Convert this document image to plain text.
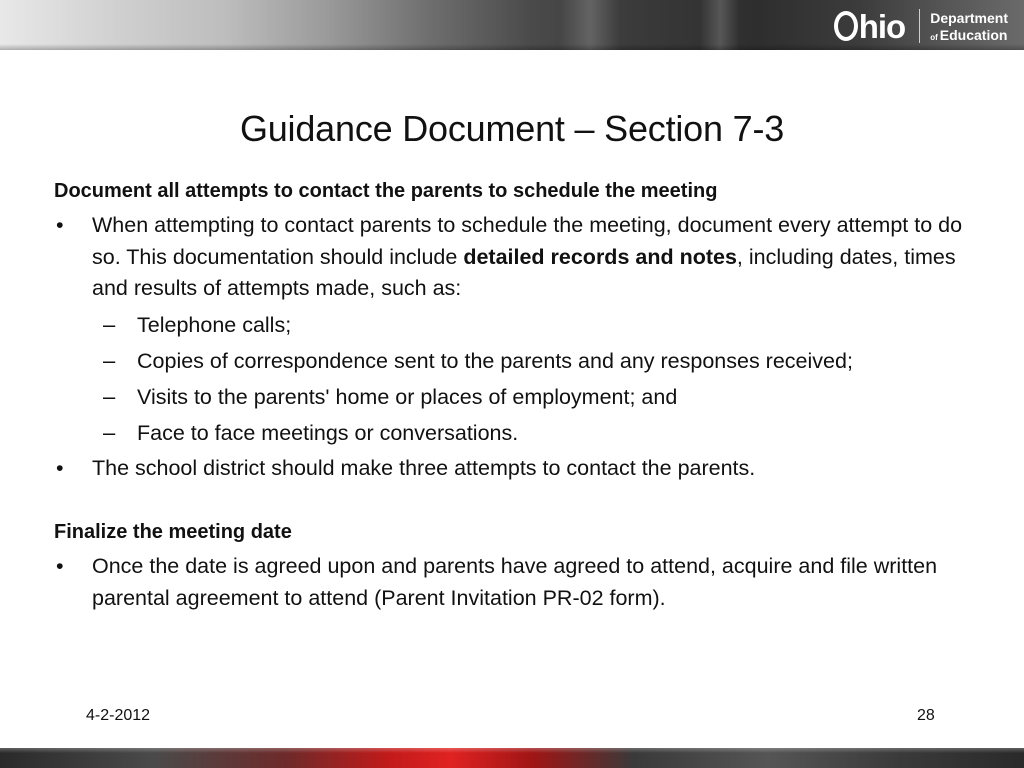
hio Department
of Education
Guidance Document – Section 7-3
Document all attempts to contact the parents to schedule the meeting
• When attempting to contact parents to schedule the meeting, document every attempt to do so. This documentation should include detailed records and notes, including dates, times and results of attempts made, such as:
– Telephone calls;
– Copies of correspondence sent to the parents and any responses received;
– Visits to the parents' home or places of employment; and
– Face to face meetings or conversations.
• The school district should make three attempts to contact the parents.
Finalize the meeting date
• Once the date is agreed upon and parents have agreed to attend, acquire and file written parental agreement to attend (Parent Invitation PR-02 form).
4-2-2012	28
